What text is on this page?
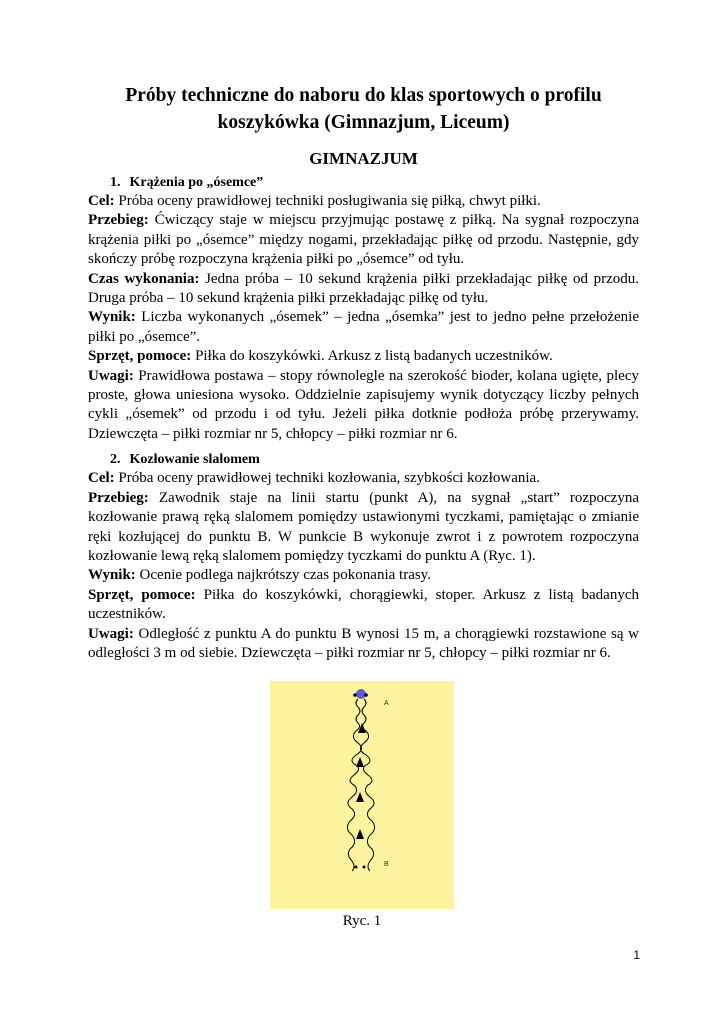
Próby techniczne do naboru do klas sportowych o profilu koszykówka (Gimnazjum, Liceum)
GIMNAZJUM
1. Krążenia po „ósemce”

Cel: Próba oceny prawidłowej techniki posługiwania się piłką, chwyt piłki.

Przebieg: Ćwiczący staje w miejscu przyjmując postawę z piłką. Na sygnał rozpoczyna krążenia piłki po „ósemce” między nogami, przekładając piłkę od przodu. Następnie, gdy skończy próbę rozpoczyna krążenia piłki po „ósemce” od tyłu.

Czas wykonania: Jedna próba – 10 sekund krążenia piłki przekładając piłkę od przodu. Druga próba – 10 sekund krążenia piłki przekładając piłkę od tyłu.

Wynik: Liczba wykonanych „ósemek” – jedna „ósemka” jest to jedno pełne przełożenie piłki po „ósemce”.

Sprzęt, pomoce: Piłka do koszykówki. Arkusz z listą badanych uczestników.

Uwagi: Prawidłowa postawa – stopy równolegle na szerokość bioder, kolana ugięte, plecy proste, głowa uniesiona wysoko. Oddzielnie zapisujemy wynik dotyczący liczby pełnych cykli „ósemek” od przodu i od tyłu. Jeżeli piłka dotknie podłoża próbę przerywamy. Dziewczęta – piłki rozmiar nr 5, chłopcy – piłki rozmiar nr 6.

2. Kozłowanie slalomem

Cel: Próba oceny prawidłowej techniki kozłowania, szybkości kozłowania.

Przebieg: Zawodnik staje na linii startu (punkt A), na sygnał „start” rozpoczyna kozłowanie prawą ręką slalomem pomiędzy ustawionymi tyczkami, pamiętając o zmianie ręki kozłującej do punktu B. W punkcie B wykonuje zwrot i z powrotem rozpoczyna kozłowanie lewą ręką slalomem pomiędzy tyczkami do punktu A (Ryc. 1).

Wynik: Ocenie podlega najkrótszy czas pokonania trasy.

Sprzęt, pomoce: Piłka do koszykówki, chorągiewki, stoper. Arkusz z listą badanych uczestników.

Uwagi: Odległość z punktu A do punktu B wynosi 15 m, a chorągiewki rozstawione są w odległości 3 m od siebie. Dziewczęta – piłki rozmiar nr 5, chłopcy – piłki rozmiar nr 6.

A
B
Ryc. 1
1
